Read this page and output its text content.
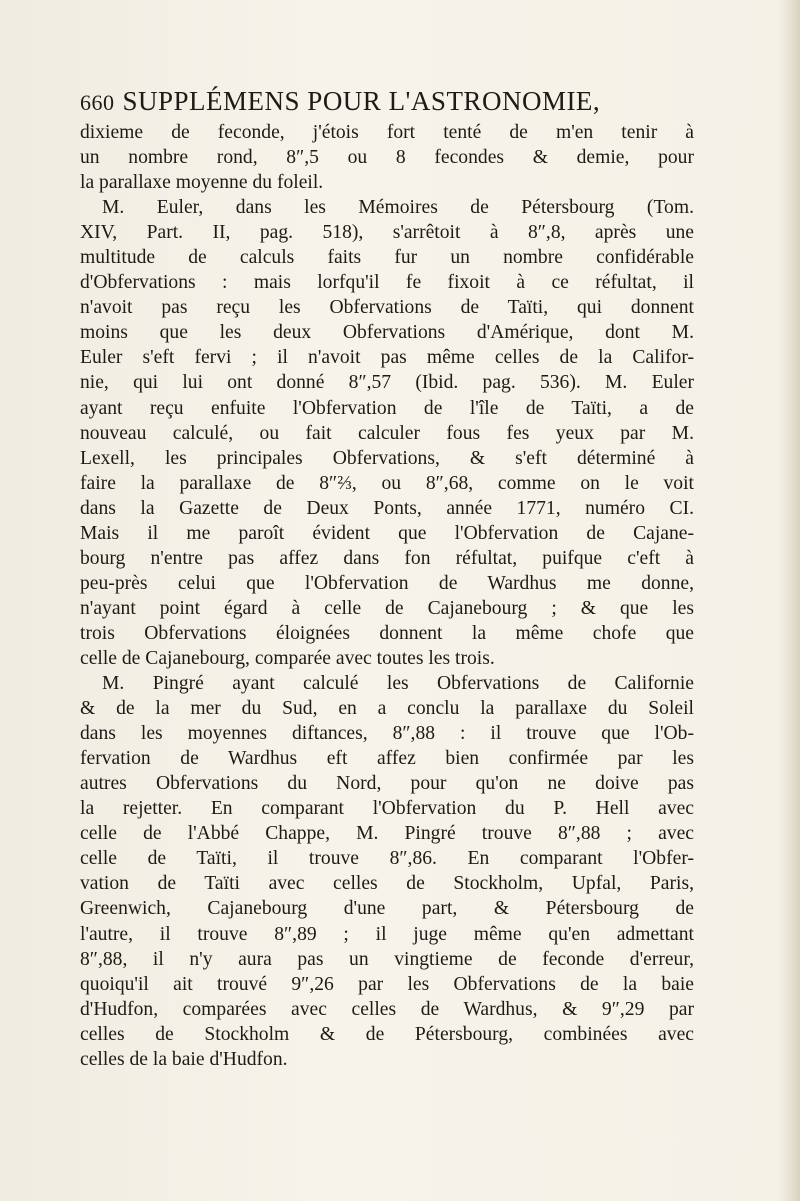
660 SUPPLÉMENS POUR L'ASTRONOMIE,
dixieme de feconde, j'étois fort tenté de m'en tenir à
un nombre rond, 8″,5 ou 8 fecondes & demie, pour
la parallaxe moyenne du foleil.
M. Euler, dans les Mémoires de Pétersbourg (Tom.
XIV, Part. II, pag. 518), s'arrêtoit à 8″,8, après une
multitude de calculs faits fur un nombre confidérable
d'Obfervations : mais lorfqu'il fe fixoit à ce réfultat, il
n'avoit pas reçu les Obfervations de Taïti, qui donnent
moins que les deux Obfervations d'Amérique, dont M.
Euler s'eft fervi ; il n'avoit pas même celles de la Califor-
nie, qui lui ont donné 8″,57 (Ibid. pag. 536). M. Euler
ayant reçu enfuite l'Obfervation de l'île de Taïti, a de
nouveau calculé, ou fait calculer fous fes yeux par M.
Lexell, les principales Obfervations, & s'eft déterminé à
faire la parallaxe de 8″⅔, ou 8″,68, comme on le voit
dans la Gazette de Deux Ponts, année 1771, numéro CI.
Mais il me paroît évident que l'Obfervation de Cajane-
bourg n'entre pas affez dans fon réfultat, puifque c'eft à
peu-près celui que l'Obfervation de Wardhus me donne,
n'ayant point égard à celle de Cajanebourg ; & que les
trois Obfervations éloignées donnent la même chofe que
celle de Cajanebourg, comparée avec toutes les trois.
M. Pingré ayant calculé les Obfervations de Californie
& de la mer du Sud, en a conclu la parallaxe du Soleil
dans les moyennes diftances, 8″,88 : il trouve que l'Ob-
fervation de Wardhus eft affez bien confirmée par les
autres Obfervations du Nord, pour qu'on ne doive pas
la rejetter. En comparant l'Obfervation du P. Hell avec
celle de l'Abbé Chappe, M. Pingré trouve 8″,88 ; avec
celle de Taïti, il trouve 8″,86. En comparant l'Obfer-
vation de Taïti avec celles de Stockholm, Upfal, Paris,
Greenwich, Cajanebourg d'une part, & Pétersbourg de
l'autre, il trouve 8″,89 ; il juge même qu'en admettant
8″,88, il n'y aura pas un vingtieme de feconde d'erreur,
quoiqu'il ait trouvé 9″,26 par les Obfervations de la baie
d'Hudfon, comparées avec celles de Wardhus, & 9″,29 par
celles de Stockholm & de Pétersbourg, combinées avec
celles de la baie d'Hudfon.
